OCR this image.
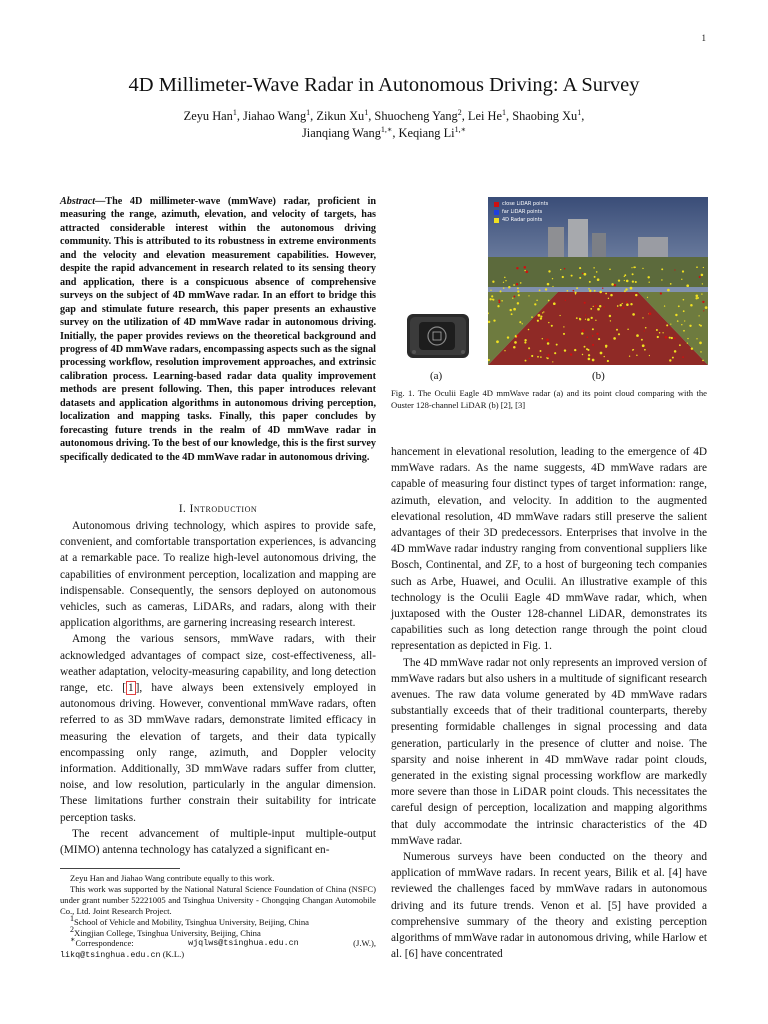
1
4D Millimeter-Wave Radar in Autonomous Driving: A Survey
Zeyu Han$^1$, Jiahao Wang$^1$, Zikun Xu$^1$, Shuocheng Yang$^2$, Lei He$^1$, Shaobing Xu$^1$,
Jianqiang Wang$^{1,∗}$, Keqiang $Li^{1,∗}$
Abstract—The 4D millimeter-wave (mmWave) radar, proficient in measuring the range, azimuth, elevation, and velocity of targets, has attracted considerable interest within the autonomous driving community. This is attributed to its robustness in extreme environments and the velocity and elevation measurement capabilities. However, despite the rapid advancement in research related to its sensing theory and application, there is a conspicuous absence of comprehensive surveys on the subject of 4D mmWave radar. In an effort to bridge this gap and stimulate future research, this paper presents an exhaustive survey on the utilization of 4D mmWave radar in autonomous driving. Initially, the paper provides reviews on the theoretical background and progress of 4D mmWave radars, encompassing aspects such as the signal processing workflow, resolution improvement approaches, and extrinsic calibration process. Learning-based radar data quality improvement methods are present following. Then, this paper introduces relevant datasets and application algorithms in autonomous driving perception, localization and mapping tasks. Finally, this paper concludes by forecasting future trends in the realm of 4D mmWave radar in autonomous driving. To the best of our knowledge, this is the first survey specifically dedicated to the 4D mmWave radar in autonomous driving.
I. Introduction

Autonomous driving technology, which aspires to provide safe, convenient, and comfortable transportation experiences, is advancing at a remarkable pace. To realize high-level autonomous driving, the capabilities of environment perception, localization and mapping are indispensable. Consequently, the sensors deployed on autonomous vehicles, such as cameras, LiDARs, and radars, along with their application algorithms, are garnering increasing research interest.

Among the various sensors, mmWave radars, with their acknowledged advantages of compact size, cost-effectiveness, all-weather adaptation, velocity-measuring capability, and long detection range, etc. [ 1 ], have always been extensively employed in autonomous driving. However, conventional mmWave radars, often referred to as 3D mmWave radars, demonstrate limited efficacy in measuring the elevation of targets, and their data typically encompassing only range, azimuth, and Doppler velocity information. Additionally, 3D mmWave radars suffer from clutter, noise, and low resolution, particularly in the angular dimension. These limitations further constrain their suitability for intricate perception tasks.

The recent advancement of multiple-input multiple-output (MIMO) antenna technology has catalyzed a significant en-

close LiDAR points
far LiDAR points
4D Radar points
(a)	(b)
Fig. 1. The Oculii Eagle 4D mmWave radar (a) and its point cloud comparing with the Ouster 128-channel LiDAR (b) [2], [3]

hancement in elevational resolution, leading to the emergence of 4D mmWave radars. As the name suggests, 4D mmWave radars are capable of measuring four distinct types of target information: range, azimuth, elevation, and velocity. In addition to the augmented elevational resolution, 4D mmWave radars still preserve the salient advantages of their 3D predecessors. Enterprises that involve in the 4D mmWave radar industry ranging from conventional suppliers like Bosch, Continental, and ZF, to a host of burgeoning tech companies such as Arbe, Huawei, and Oculii. An illustrative example of this technology is the Oculii Eagle 4D mmWave radar, which, when juxtaposed with the Ouster 128-channel LiDAR, demonstrates its capabilities such as long detection range through the point cloud representation as depicted in Fig. 1.

The 4D mmWave radar not only represents an improved version of mmWave radars but also ushers in a multitude of significant research avenues. The raw data volume generated by 4D mmWave radars substantially exceeds that of their traditional counterparts, thereby presenting formidable challenges in signal processing and data generation, particularly in the presence of clutter and noise. The sparsity and noise inherent in 4D mmWave radar point clouds, generated in the existing signal processing workflow are markedly more severe than those in LiDAR point clouds. This necessitates the careful design of perception, localization and mapping algorithms that duly accommodate the intrinsic characteristics of the 4D mmWave radar.

Numerous surveys have been conducted on the theory and application of mmWave radars. In recent years, Bilik et al. [4] have reviewed the challenges faced by mmWave radars in autonomous driving and its future trends. Venon et al. [5] have provided a comprehensive summary of the theory and existing perception algorithms of mmWave radar in autonomous driving, while Harlow et al. [6] have concentrated

Zeyu Han and Jiahao Wang contribute equally to this work.

This work was supported by the National Natural Science Foundation of China (NSFC) under grant number 52221005 and Tsinghua University - Chongqing Changan Automobile Co., Ltd. Joint Research Project.

$^1$School of Vehicle and Mobility, Tsinghua University, Beijing, China

$^2$Xingjian College, Tsinghua University, Beijing, China

∗Correspondence:	wjqlws@tsinghua.edu.cn	(J.W.),

likq@tsinghua.edu.cn (K.L.)
